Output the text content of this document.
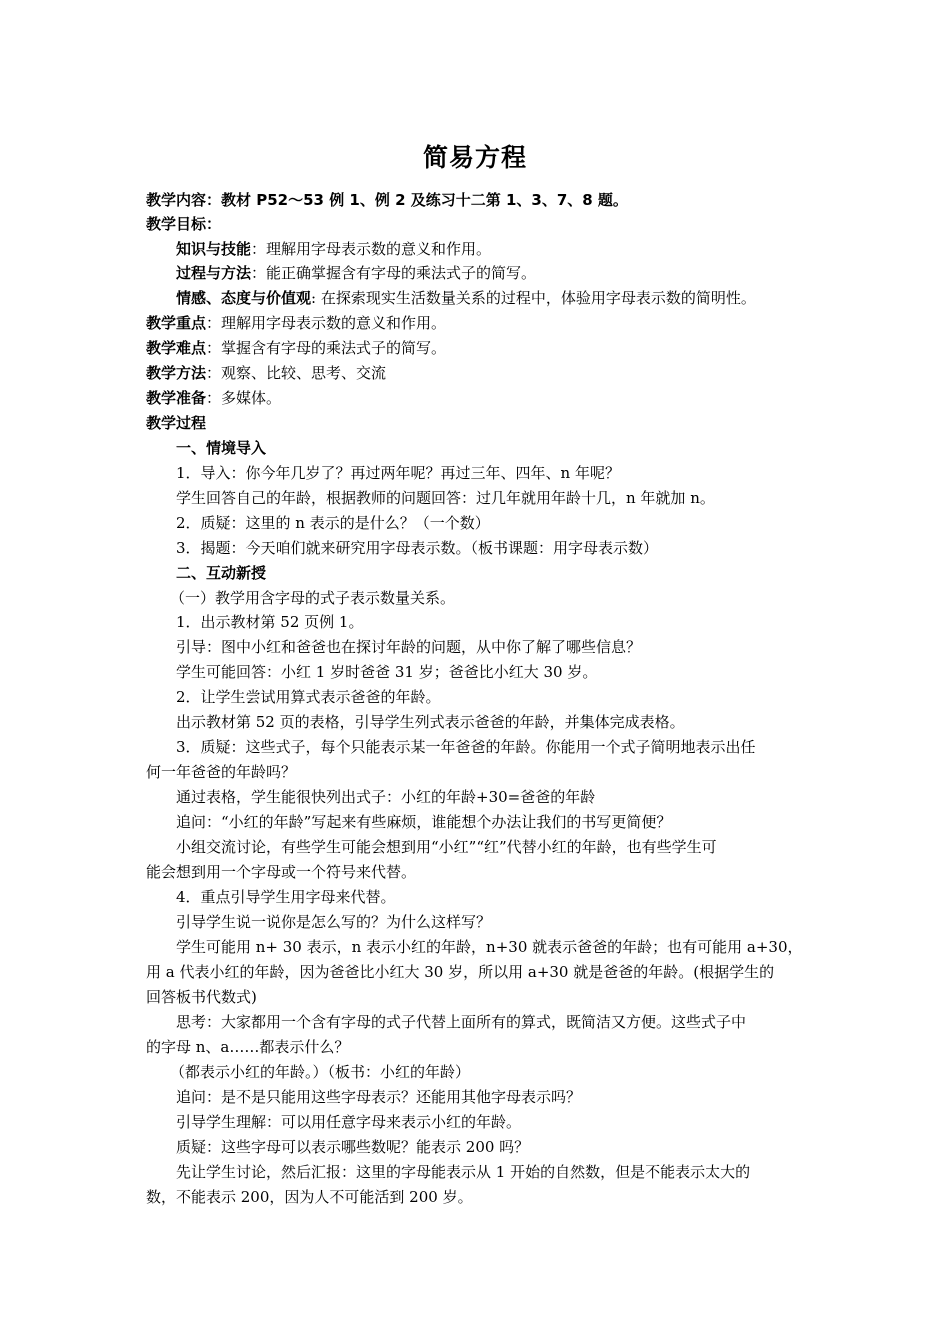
简易方程
教学内容：教材 P52～53 例 1、例 2 及练习十二第 1、3、7、8 题。
教学目标：
知识与技能：理解用字母表示数的意义和作用。
过程与方法：能正确掌握含有字母的乘法式子的简写。
情感、态度与价值观: 在探索现实生活数量关系的过程中，体验用字母表示数的简明性。
教学重点：理解用字母表示数的意义和作用。
教学难点：掌握含有字母的乘法式子的简写。
教学方法：观察、比较、思考、交流
教学准备：多媒体。
教学过程
一、情境导入
1．导入：你今年几岁了？再过两年呢？再过三年、四年、n 年呢？
学生回答自己的年龄，根据教师的问题回答：过几年就用年龄十几，n 年就加 n。
2．质疑：这里的 n 表示的是什么？（一个数）
3．揭题：今天咱们就来研究用字母表示数。（板书课题：用字母表示数）
二、互动新授
（一）教学用含字母的式子表示数量关系。
1．出示教材第 52 页例 1。
引导：图中小红和爸爸也在探讨年龄的问题，从中你了解了哪些信息？
学生可能回答：小红 1 岁时爸爸 31 岁；爸爸比小红大 30 岁。
2．让学生尝试用算式表示爸爸的年龄。
出示教材第 52 页的表格，引导学生列式表示爸爸的年龄，并集体完成表格。
3．质疑：这些式子，每个只能表示某一年爸爸的年龄。你能用一个式子简明地表示出任
何一年爸爸的年龄吗？
通过表格，学生能很快列出式子：小红的年龄+30=爸爸的年龄
追问：“小红的年龄”写起来有些麻烦，谁能想个办法让我们的书写更简便？
小组交流讨论，有些学生可能会想到用“小红”“红”代替小红的年龄，也有些学生可
能会想到用一个字母或一个符号来代替。
4．重点引导学生用字母来代替。
引导学生说一说你是怎么写的？为什么这样写？
学生可能用 n+ 30 表示，n 表示小红的年龄，n+30 就表示爸爸的年龄；也有可能用 a+30，
用 a 代表小红的年龄，因为爸爸比小红大 30 岁，所以用 a+30 就是爸爸的年龄。(根据学生的
回答板书代数式)
思考：大家都用一个含有字母的式子代替上面所有的算式，既简洁又方便。这些式子中
的字母 n、a……都表示什么？
（都表示小红的年龄。）（板书：小红的年龄）
追问：是不是只能用这些字母表示？还能用其他字母表示吗？
引导学生理解：可以用任意字母来表示小红的年龄。
质疑：这些字母可以表示哪些数呢？能表示 200 吗？
先让学生讨论，然后汇报：这里的字母能表示从 1 开始的自然数，但是不能表示太大的
数，不能表示 200，因为人不可能活到 200 岁。
